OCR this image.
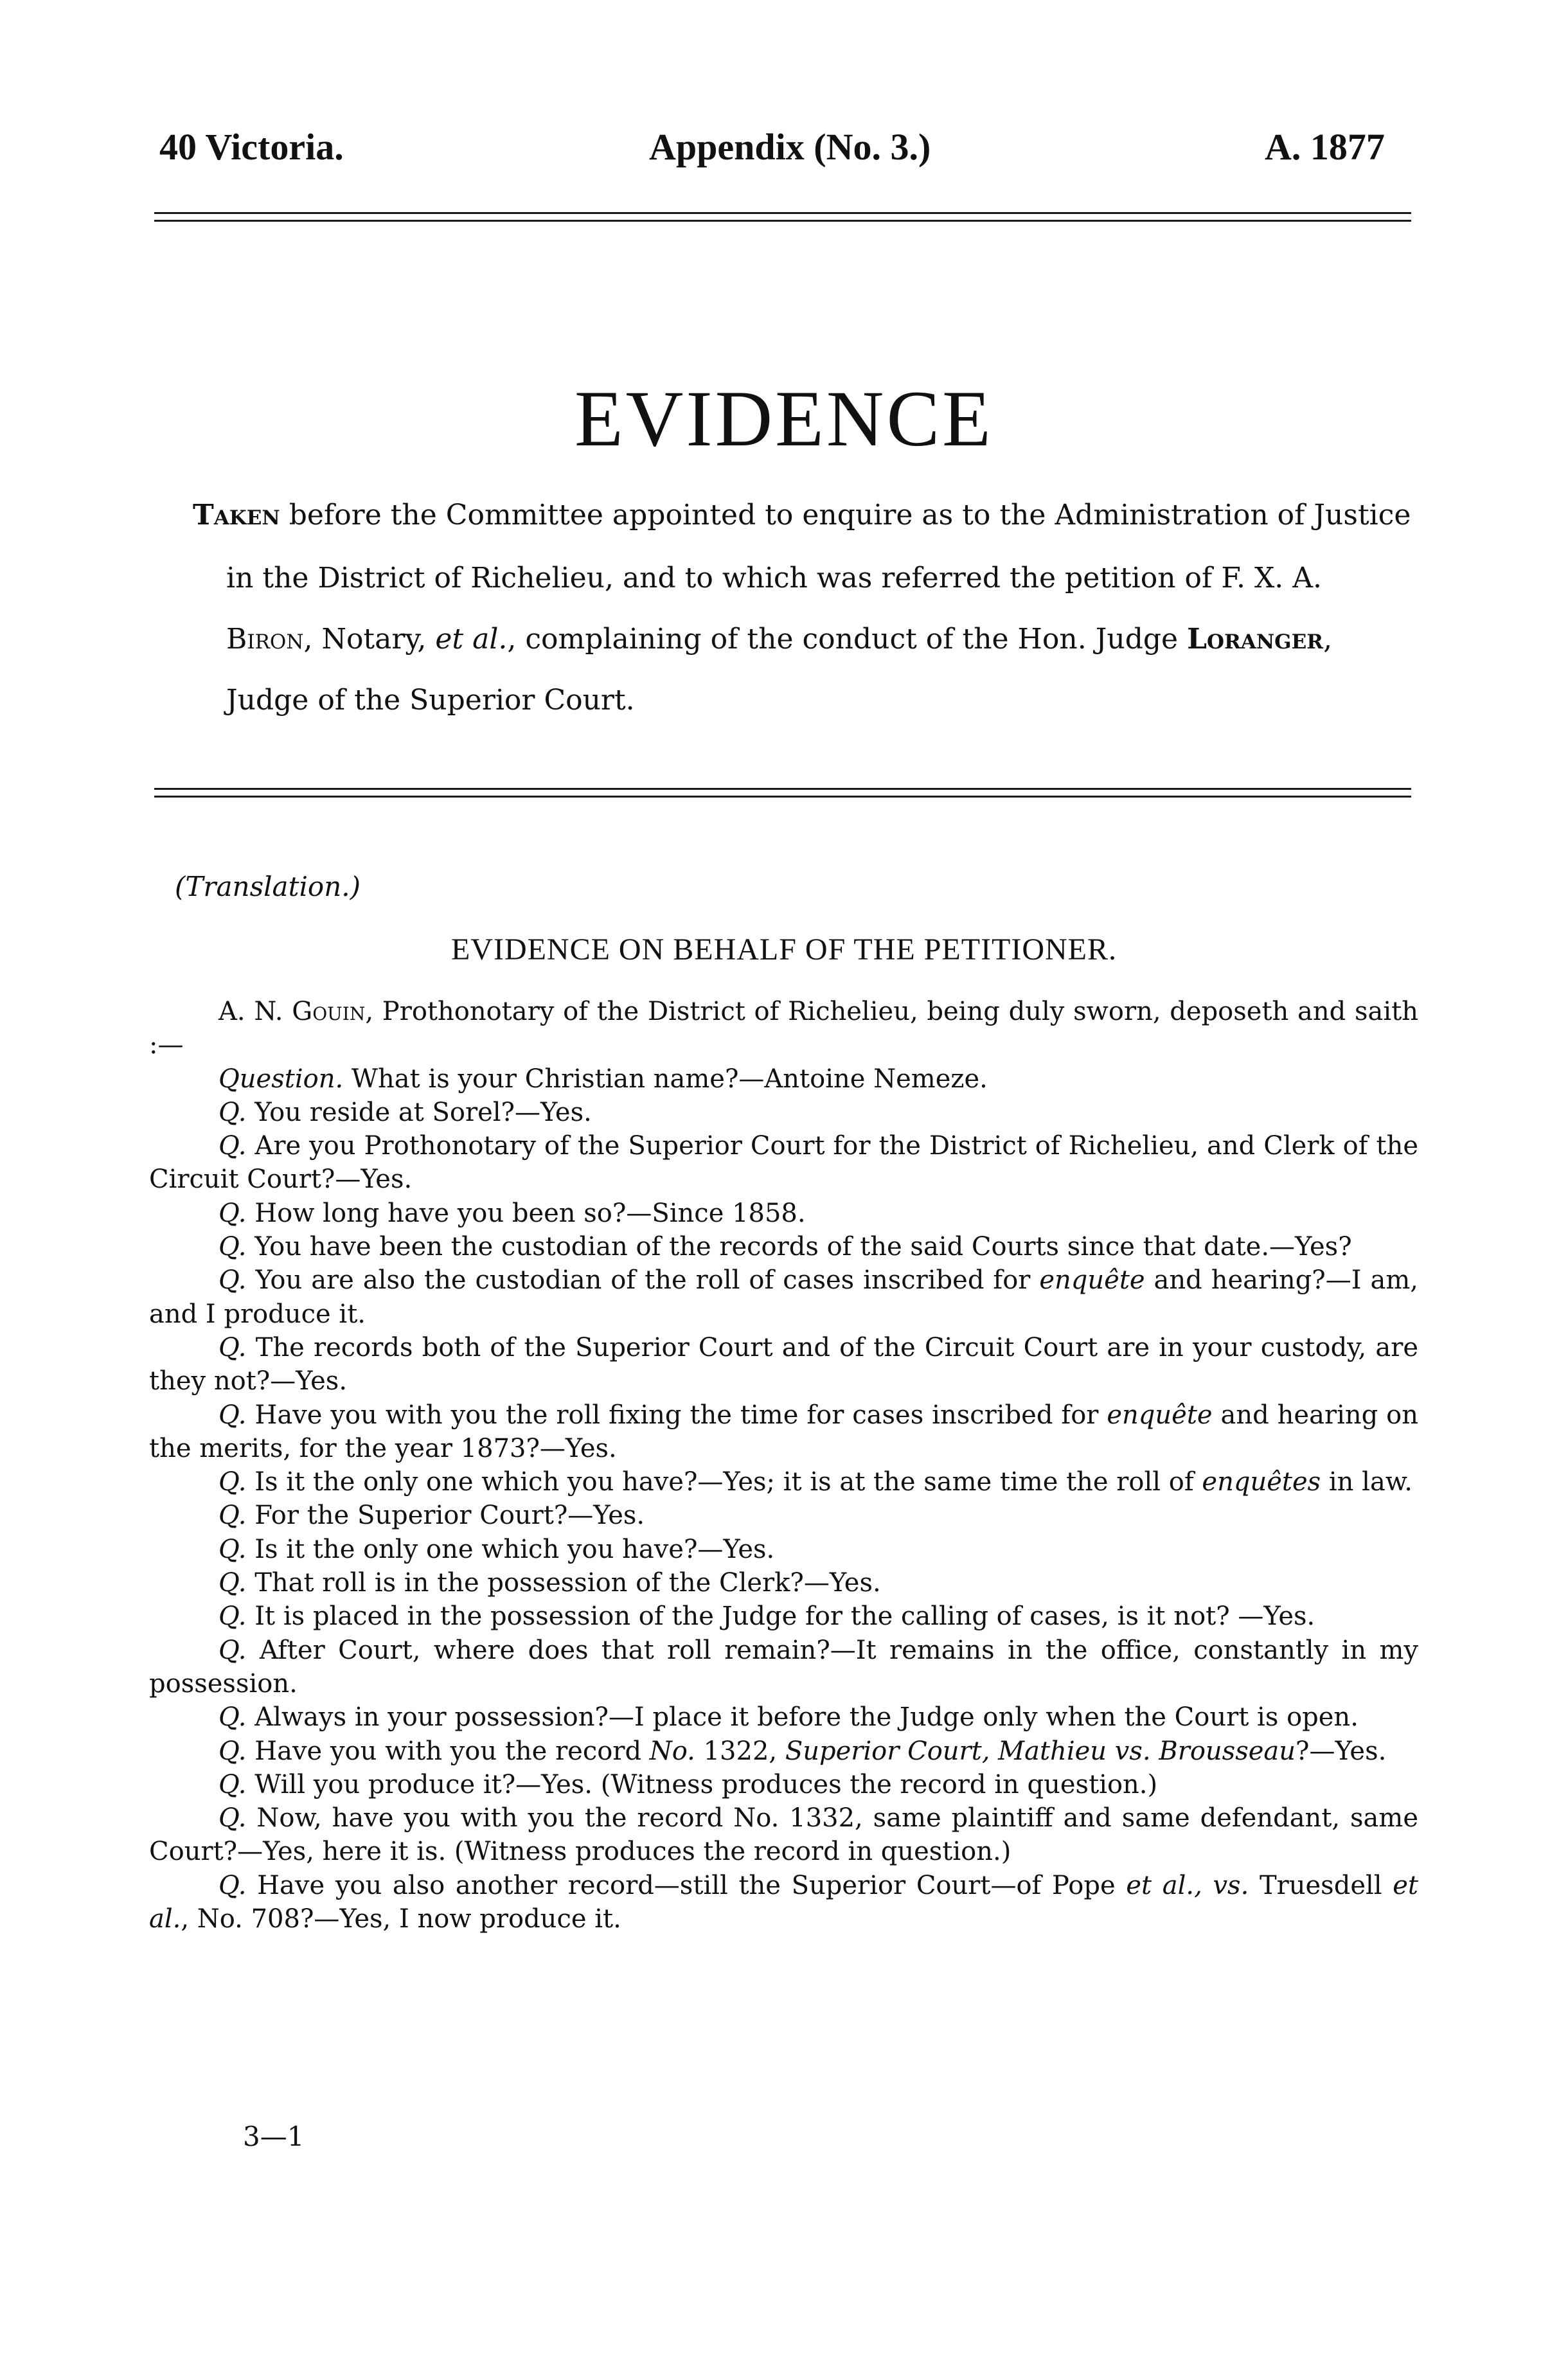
40 Victoria.	Appendix (No. 3.)	A. 1877
EVIDENCE
Taken before the Committee appointed to enquire as to the Administration of Justice
in the District of Richelieu, and to which was referred the petition of F. X. A.
Biron, Notary, et al., complaining of the conduct of the Hon. Judge Loranger,
Judge of the Superior Court.
(Translation.)
EVIDENCE ON BEHALF OF THE PETITIONER.

A. N. Gouin, Prothonotary of the District of Richelieu, being duly sworn, deposeth and saith :—

Question. What is your Christian name?—Antoine Nemeze.

Q. You reside at Sorel?—Yes.

Q. Are you Prothonotary of the Superior Court for the District of Richelieu, and Clerk of the Circuit Court?—Yes.

Q. How long have you been so?—Since 1858.

Q. You have been the custodian of the records of the said Courts since that date.—Yes?

Q. You are also the custodian of the roll of cases inscribed for enquête and hearing?—I am, and I produce it.

Q. The records both of the Superior Court and of the Circuit Court are in your custody, are they not?—Yes.

Q. Have you with you the roll fixing the time for cases inscribed for enquête and hearing on the merits, for the year 1873?—Yes.

Q. Is it the only one which you have?—Yes; it is at the same time the roll of enquêtes in law.

Q. For the Superior Court?—Yes.

Q. Is it the only one which you have?—Yes.

Q. That roll is in the possession of the Clerk?—Yes.

Q. It is placed in the possession of the Judge for the calling of cases, is it not? —Yes.

Q. After Court, where does that roll remain?—It remains in the office, constantly in my possession.

Q. Always in your possession?—I place it before the Judge only when the Court is open.

Q. Have you with you the record No. 1322, Superior Court, Mathieu vs. Brousseau?—Yes.

Q. Will you produce it?—Yes. (Witness produces the record in question.)

Q. Now, have you with you the record No. 1332, same plaintiff and same defendant, same Court?—Yes, here it is. (Witness produces the record in question.)

Q. Have you also another record—still the Superior Court—of Pope et al., vs. Truesdell et al., No. 708?—Yes, I now produce it.

3—1
